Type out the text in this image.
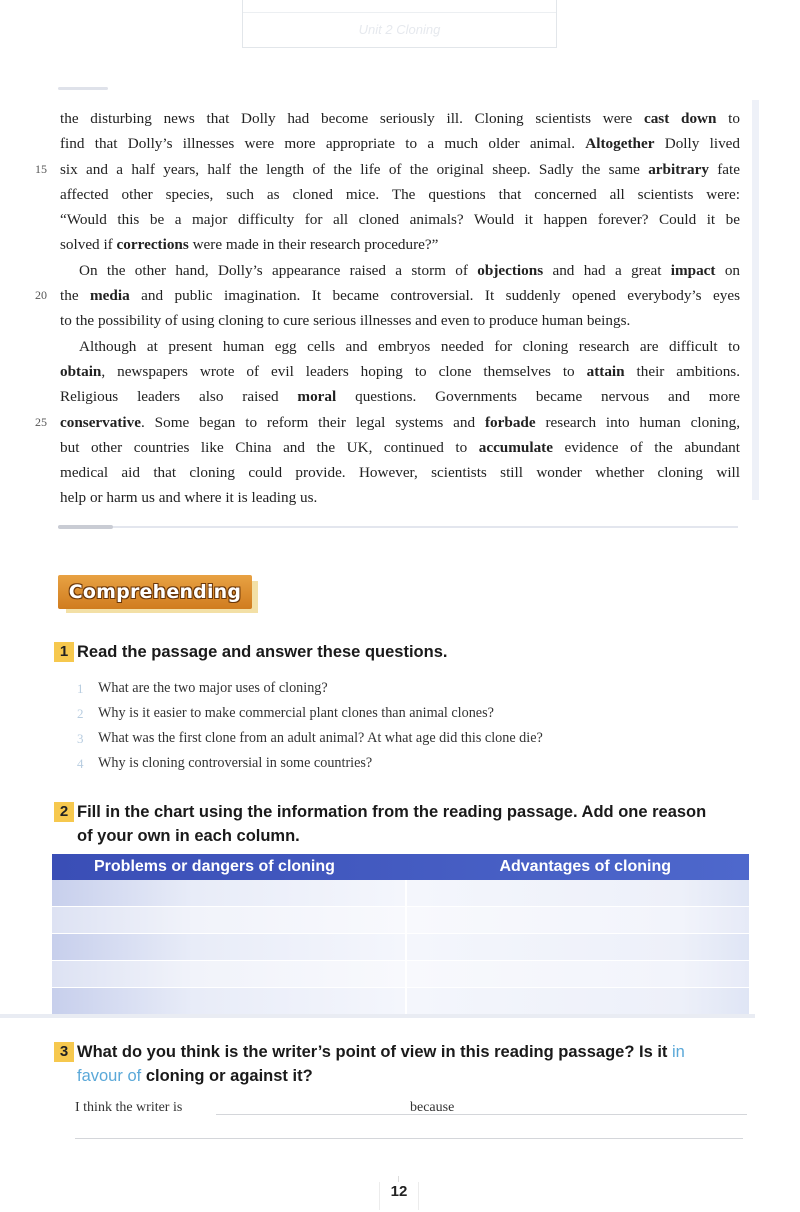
Unit 2 Cloning
the disturbing news that Dolly had become seriously ill. Cloning scientists were cast down to
find that Dolly’s illnesses were more appropriate to a much older animal. Altogether Dolly lived
15 six and a half years, half the length of the life of the original sheep. Sadly the same arbitrary fate
affected other species, such as cloned mice. The questions that concerned all scientists were:
“Would this be a major difficulty for all cloned animals? Would it happen forever? Could it be
solved if corrections were made in their research procedure?”
On the other hand, Dolly’s appearance raised a storm of objections and had a great impact on
20 the media and public imagination. It became controversial. It suddenly opened everybody’s eyes
to the possibility of using cloning to cure serious illnesses and even to produce human beings.
Although at present human egg cells and embryos needed for cloning research are difficult to
obtain, newspapers wrote of evil leaders hoping to clone themselves to attain their ambitions.
Religious leaders also raised moral questions. Governments became nervous and more
25 conservative. Some began to reform their legal systems and forbade research into human cloning,
but other countries like China and the UK, continued to accumulate evidence of the abundant
medical aid that cloning could provide. However, scientists still wonder whether cloning will
help or harm us and where it is leading us.
Comprehending
1 Read the passage and answer these questions.
1 What are the two major uses of cloning?
2 Why is it easier to make commercial plant clones than animal clones?
3 What was the first clone from an adult animal? At what age did this clone die?
4 Why is cloning controversial in some countries?
2 Fill in the chart using the information from the reading passage. Add one reason
of your own in each column.
Problems or dangers of cloning	Advantages of cloning
3 What do you think is the writer’s point of view in this reading passage? Is it in
favour of cloning or against it?
I think the writer is	because
12
